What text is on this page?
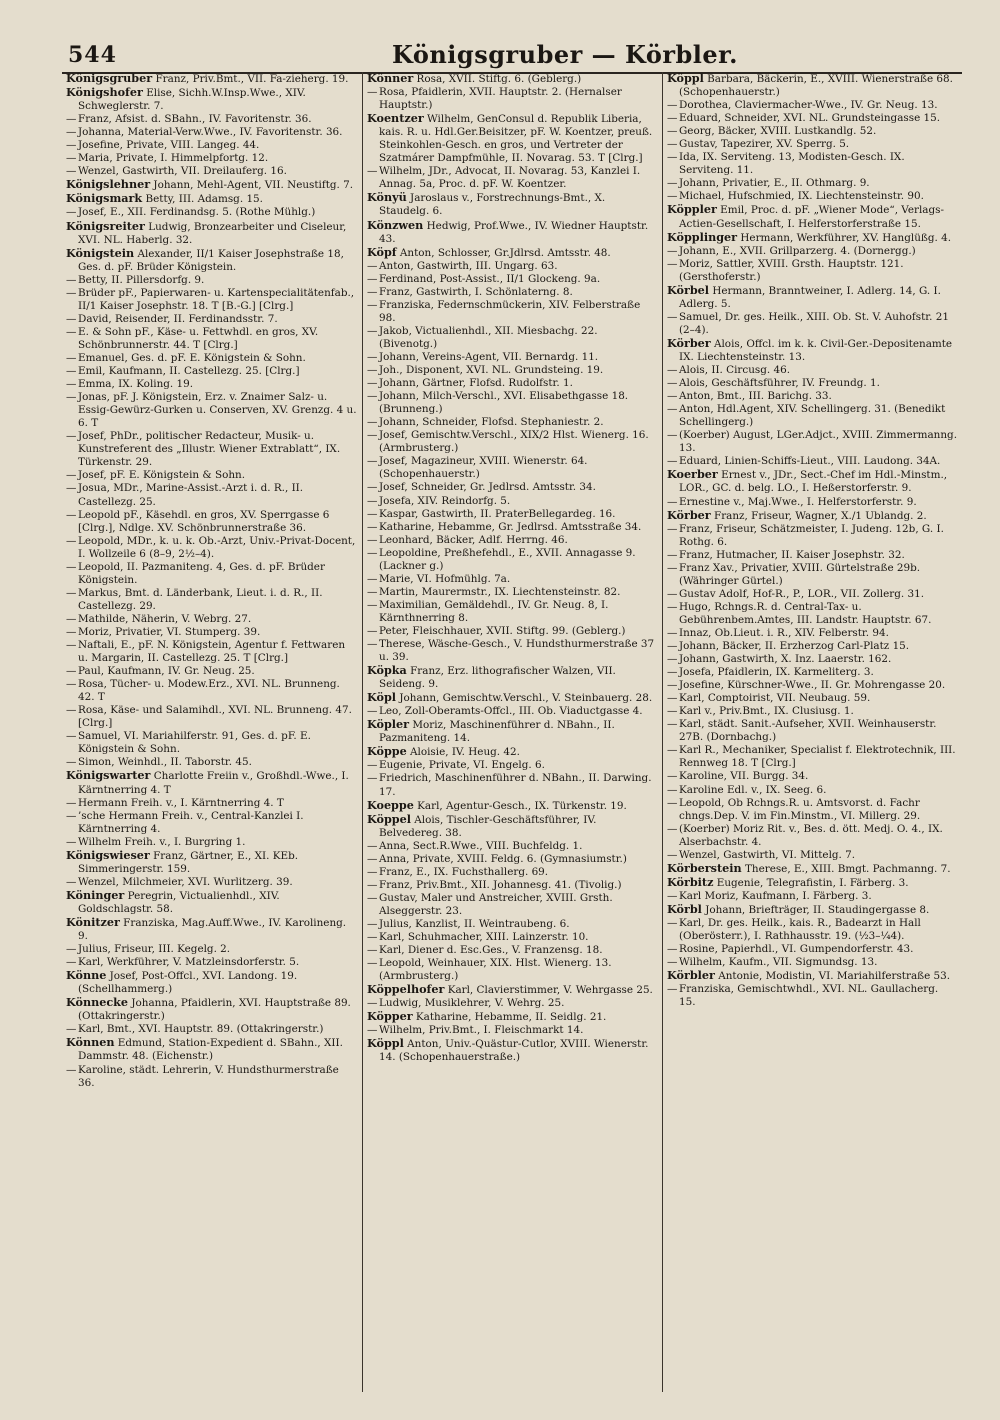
544	Königsgruber — Körbler.

Königsgruber Franz, Priv.Bmt., VII. Fa-zieherg. 19.

Königshofer Elise, Sichh.W.Insp.Wwe., XIV. Schweglerstr. 7.

— Franz, Afsist. d. SBahn., IV. Favoritenstr. 36.

— Johanna, Material-Verw.Wwe., IV. Favoritenstr. 36.

— Josefine, Private, VIII. Langeg. 44.

— Maria, Private, I. Himmelpfortg. 12.

— Wenzel, Gastwirth, VII. Dreilauferg. 16.

Königslehner Johann, Mehl-Agent, VII. Neustiftg. 7.

Königsmark Betty, III. Adamsg. 15.

— Josef, E., XII. Ferdinandsg. 5. (Rothe Mühlg.)

Königsreiter Ludwig, Bronzearbeiter und Ciseleur, XVI. NL. Haberlg. 32.

Königstein Alexander, II/1 Kaiser Josephstraße 18, Ges. d. pF. Brüder Königstein.

— Betty, II. Pillersdorfg. 9.

— Brüder pF., Papierwaren- u. Kartenspecialitätenfab., II/1 Kaiser Josephstr. 18. T [B.-G.] [Clrg.]

— David, Reisender, II. Ferdinandsstr. 7.

— E. & Sohn pF., Käse- u. Fettwhdl. en gros, XV. Schönbrunnerstr. 44. T [Clrg.]

— Emanuel, Ges. d. pF. E. Königstein & Sohn.

— Emil, Kaufmann, II. Castellezg. 25. [Clrg.]

— Emma, IX. Koling. 19.

— Jonas, pF. J. Königstein, Erz. v. Znaimer Salz- u. Essig-Gewürz-Gurken u. Conserven, XV. Grenzg. 4 u. 6. T

— Josef, PhDr., politischer Redacteur, Musik- u. Kunstreferent des „Illustr. Wiener Extrablatt“, IX. Türkenstr. 29.

— Josef, pF. E. Königstein & Sohn.

— Josua, MDr., Marine-Assist.-Arzt i. d. R., II. Castellezg. 25.

— Leopold pF., Käsehdl. en gros, XV. Sperrgasse 6 [Clrg.], Ndlge. XV. Schönbrunnerstraße 36.

— Leopold, MDr., k. u. k. Ob.-Arzt, Univ.-Privat-Docent, I. Wollzeile 6 (8–9, 2½–4).

— Leopold, II. Pazmaniteng. 4, Ges. d. pF. Brüder Königstein.

— Markus, Bmt. d. Länderbank, Lieut. i. d. R., II. Castellezg. 29.

— Mathilde, Näherin, V. Webrg. 27.

— Moriz, Privatier, VI. Stumperg. 39.

— Naftali, E., pF. N. Königstein, Agentur f. Fettwaren u. Margarin, II. Castellezg. 25. T [Clrg.]

— Paul, Kaufmann, IV. Gr. Neug. 25.

— Rosa, Tücher- u. Modew.Erz., XVI. NL. Brunneng. 42. T

— Rosa, Käse- und Salamihdl., XVI. NL. Brunneng. 47. [Clrg.]

— Samuel, VI. Mariahilferstr. 91, Ges. d. pF. E. Königstein & Sohn.

— Simon, Weinhdl., II. Taborstr. 45.

Königswarter Charlotte Freiin v., Großhdl.-Wwe., I. Kärntnerring 4. T

— Hermann Freih. v., I. Kärntnerring 4. T

— ’sche Hermann Freih. v., Central-Kanzlei I. Kärntnerring 4.

— Wilhelm Freih. v., I. Burgring 1.

Königswieser Franz, Gärtner, E., XI. KEb. Simmeringerstr. 159.

— Wenzel, Milchmeier, XVI. Wurlitzerg. 39.

Köninger Peregrin, Victualienhdl., XIV. Goldschlagstr. 58.

Könitzer Franziska, Mag.Auff.Wwe., IV. Karolineng. 9.

— Julius, Friseur, III. Kegelg. 2.

— Karl, Werkführer, V. Matzleinsdorferstr. 5.

Könne Josef, Post-Offcl., XVI. Landong. 19. (Schellhammerg.)

Könnecke Johanna, Pfaidlerin, XVI. Hauptstraße 89. (Ottakringerstr.)

— Karl, Bmt., XVI. Hauptstr. 89. (Ottakringerstr.)

Können Edmund, Station-Expedient d. SBahn., XII. Dammstr. 48. (Eichenstr.)

— Karoline, städt. Lehrerin, V. Hundsthurmerstraße 36.

Könner Rosa, XVII. Stiftg. 6. (Geblerg.)

— Rosa, Pfaidlerin, XVII. Hauptstr. 2. (Hernalser Hauptstr.)

Koentzer Wilhelm, GenConsul d. Republik Liberia, kais. R. u. Hdl.Ger.Beisitzer, pF. W. Koentzer, preuß. Steinkohlen-Gesch. en gros, und Vertreter der Szatmárer Dampfmühle, II. Novarag. 53. T [Clrg.]

— Wilhelm, JDr., Advocat, II. Novarag. 53, Kanzlei I. Annag. 5a, Proc. d. pF. W. Koentzer.

Könyü Jaroslaus v., Forstrechnungs-Bmt., X. Staudelg. 6.

Könzwen Hedwig, Prof.Wwe., IV. Wiedner Hauptstr. 43.

Köpf Anton, Schlosser, Gr.Jdlrsd. Amtsstr. 48.

— Anton, Gastwirth, III. Ungarg. 63.

— Ferdinand, Post-Assist., II/1 Glockeng. 9a.

— Franz, Gastwirth, I. Schönlaterng. 8.

— Franziska, Federnschmückerin, XIV. Felberstraße 98.

— Jakob, Victualienhdl., XII. Miesbachg. 22. (Bivenotg.)

— Johann, Vereins-Agent, VII. Bernardg. 11.

— Joh., Disponent, XVI. NL. Grundsteing. 19.

— Johann, Gärtner, Flofsd. Rudolfstr. 1.

— Johann, Milch-Verschl., XVI. Elisabethgasse 18. (Brunneng.)

— Johann, Schneider, Flofsd. Stephaniestr. 2.

— Josef, Gemischtw.Verschl., XIX/2 Hlst. Wienerg. 16. (Armbrusterg.)

— Josef, Magazineur, XVIII. Wienerstr. 64. (Schopenhauerstr.)

— Josef, Schneider, Gr. Jedlrsd. Amtsstr. 34.

— Josefa, XIV. Reindorfg. 5.

— Kaspar, Gastwirth, II. PraterBellegardeg. 16.

— Katharine, Hebamme, Gr. Jedlrsd. Amtsstraße 34.

— Leonhard, Bäcker, Adlf. Herrng. 46.

— Leopoldine, Preßhefehdl., E., XVII. Annagasse 9. (Lackner g.)

— Marie, VI. Hofmühlg. 7a.

— Martin, Maurermstr., IX. Liechtensteinstr. 82.

— Maximilian, Gemäldehdl., IV. Gr. Neug. 8, I. Kärnthnerring 8.

— Peter, Fleischhauer, XVII. Stiftg. 99. (Geblerg.)

— Therese, Wäsche-Gesch., V. Hundsthurmerstraße 37 u. 39.

Köpka Franz, Erz. lithografischer Walzen, VII. Seideng. 9.

Köpl Johann, Gemischtw.Verschl., V. Steinbauerg. 28.

— Leo, Zoll-Oberamts-Offcl., III. Ob. Viaductgasse 4.

Köpler Moriz, Maschinenführer d. NBahn., II. Pazmaniteng. 14.

Köppe Aloisie, IV. Heug. 42.

— Eugenie, Private, VI. Engelg. 6.

— Friedrich, Maschinenführer d. NBahn., II. Darwing. 17.

Koeppe Karl, Agentur-Gesch., IX. Türkenstr. 19.

Köppel Alois, Tischler-Geschäftsführer, IV. Belvedereg. 38.

— Anna, Sect.R.Wwe., VIII. Buchfeldg. 1.

— Anna, Private, XVIII. Feldg. 6. (Gymnasiumstr.)

— Franz, E., IX. Fuchsthallerg. 69.

— Franz, Priv.Bmt., XII. Johannesg. 41. (Tivolig.)

— Gustav, Maler und Anstreicher, XVIII. Grsth. Alseggerstr. 23.

— Julius, Kanzlist, II. Weintraubeng. 6.

— Karl, Schuhmacher, XIII. Lainzerstr. 10.

— Karl, Diener d. Esc.Ges., V. Franzensg. 18.

— Leopold, Weinhauer, XIX. Hlst. Wienerg. 13. (Armbrusterg.)

Köppelhofer Karl, Clavierstimmer, V. Wehrgasse 25.

— Ludwig, Musiklehrer, V. Wehrg. 25.

Köpper Katharine, Hebamme, II. Seidlg. 21.

— Wilhelm, Priv.Bmt., I. Fleischmarkt 14.

Köppl Anton, Univ.-Quästur-Cutlor, XVIII. Wienerstr. 14. (Schopenhauerstraße.)

Köppl Barbara, Bäckerin, E., XVIII. Wienerstraße 68. (Schopenhauerstr.)

— Dorothea, Claviermacher-Wwe., IV. Gr. Neug. 13.

— Eduard, Schneider, XVI. NL. Grundsteingasse 15.

— Georg, Bäcker, XVIII. Lustkandlg. 52.

— Gustav, Tapezirer, XV. Sperrg. 5.

— Ida, IX. Serviteng. 13, Modisten-Gesch. IX. Serviteng. 11.

— Johann, Privatier, E., II. Othmarg. 9.

— Michael, Hufschmied, IX. Liechtensteinstr. 90.

Köppler Emil, Proc. d. pF. „Wiener Mode“, Verlags-Actien-Gesellschaft, I. Helferstorferstraße 15.

Köpplinger Hermann, Werkführer, XV. Hanglüßg. 4.

— Johann, E., XVII. Grillparzerg. 4. (Dornergg.)

— Moriz, Sattler, XVIII. Grsth. Hauptstr. 121. (Gersthoferstr.)

Körbel Hermann, Branntweiner, I. Adlerg. 14, G. I. Adlerg. 5.

— Samuel, Dr. ges. Heilk., XIII. Ob. St. V. Auhofstr. 21 (2–4).

Körber Alois, Offcl. im k. k. Civil-Ger.-Depositenamte IX. Liechtensteinstr. 13.

— Alois, II. Circusg. 46.

— Alois, Geschäftsführer, IV. Freundg. 1.

— Anton, Bmt., III. Barichg. 33.

— Anton, Hdl.Agent, XIV. Schellingerg. 31. (Benedikt Schellingerg.)

— (Koerber) August, LGer.Adjct., XVIII. Zimmermanng. 13.

— Eduard, Linien-Schiffs-Lieut., VIII. Laudong. 34A.

Koerber Ernest v., JDr., Sect.-Chef im Hdl.-Minstm., LOR., GC. d. belg. LO., I. Heßerstorferstr. 9.

— Ernestine v., Maj.Wwe., I. Helferstorferstr. 9.

Körber Franz, Friseur, Wagner, X./1 Ublandg. 2.

— Franz, Friseur, Schätzmeister, I. Judeng. 12b, G. I. Rothg. 6.

— Franz, Hutmacher, II. Kaiser Josephstr. 32.

— Franz Xav., Privatier, XVIII. Gürtelstraße 29b. (Währinger Gürtel.)

— Gustav Adolf, Hof-R., P., LOR., VII. Zollerg. 31.

— Hugo, Rchngs.R. d. Central-Tax- u. Gebührenbem.Amtes, III. Landstr. Hauptstr. 67.

— Innaz, Ob.Lieut. i. R., XIV. Felberstr. 94.

— Johann, Bäcker, II. Erzherzog Carl-Platz 15.

— Johann, Gastwirth, X. Inz. Laaerstr. 162.

— Josefa, Pfaidlerin, IX. Karmeliterg. 3.

— Josefine, Kürschner-Wwe., II. Gr. Mohrengasse 20.

— Karl, Comptoirist, VII. Neubaug. 59.

— Karl v., Priv.Bmt., IX. Clusiusg. 1.

— Karl, städt. Sanit.-Aufseher, XVII. Weinhauserstr. 27B. (Dornbachg.)

— Karl R., Mechaniker, Specialist f. Elektrotechnik, III. Rennweg 18. T [Clrg.]

— Karoline, VII. Burgg. 34.

— Karoline Edl. v., IX. Seeg. 6.

— Leopold, Ob Rchngs.R. u. Amtsvorst. d. Fachr chngs.Dep. V. im Fin.Minstm., VI. Millerg. 29.

— (Koerber) Moriz Rit. v., Bes. d. ött. Medj. O. 4., IX. Alserbachstr. 4.

— Wenzel, Gastwirth, VI. Mittelg. 7.

Körberstein Therese, E., XIII. Bmgt. Pachmanng. 7.

Körbitz Eugenie, Telegrafistin, I. Färberg. 3.

— Karl Moriz, Kaufmann, I. Färberg. 3.

Körbl Johann, Briefträger, II. Staudingergasse 8.

— Karl, Dr. ges. Heilk., kais. R., Badearzt in Hall (Oberösterr.), I. Rathhausstr. 19. (½3–¼4).

— Rosine, Papierhdl., VI. Gumpendorferstr. 43.

— Wilhelm, Kaufm., VII. Sigmundsg. 13.

Körbler Antonie, Modistin, VI. Mariahilferstraße 53.

— Franziska, Gemischtwhdl., XVI. NL. Gaullacherg. 15.
